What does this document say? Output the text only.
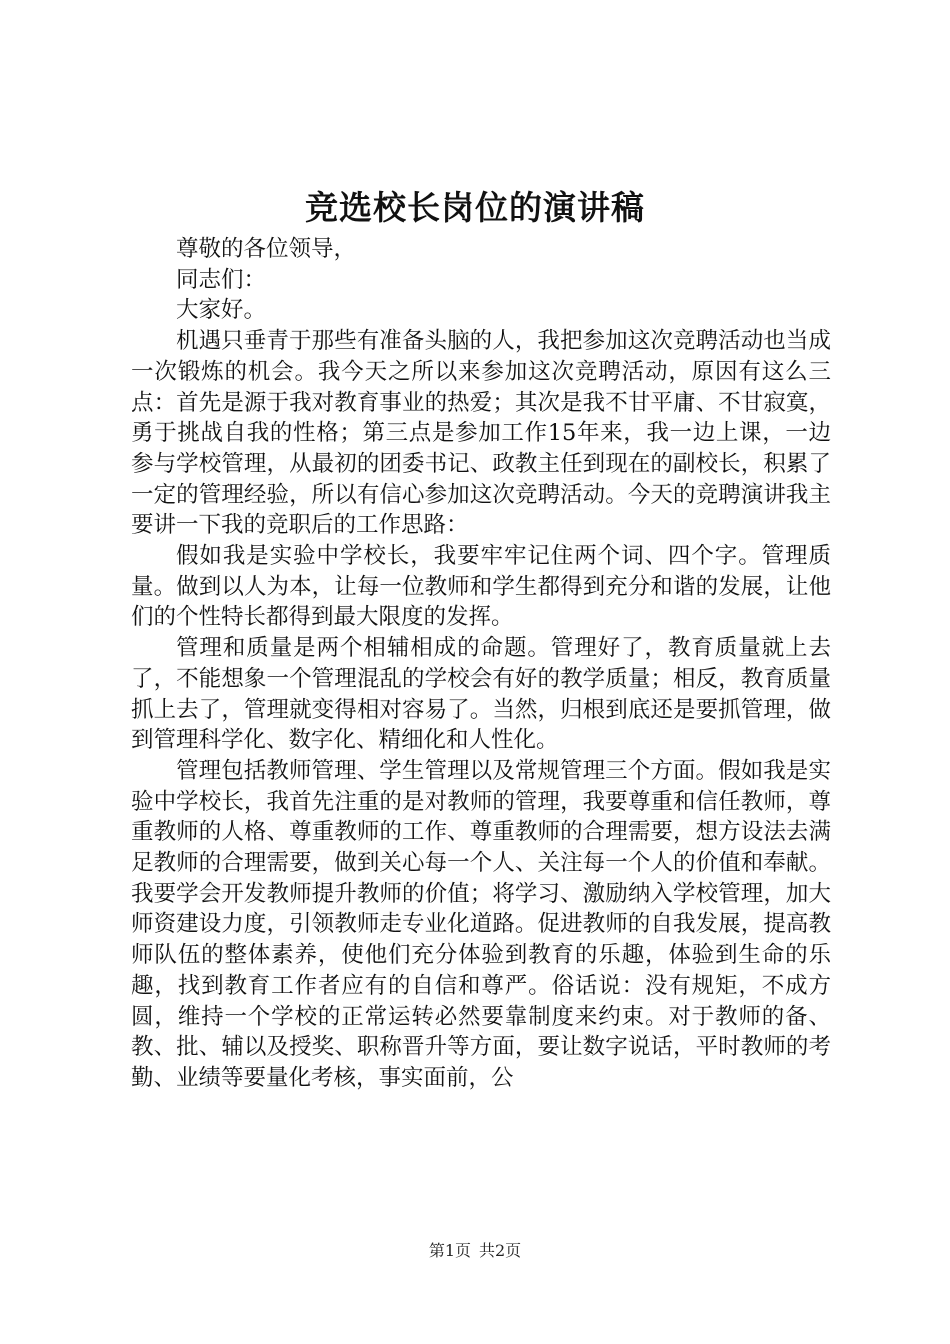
竞选校长岗位的演讲稿

尊敬的各位领导，

同志们：

大家好。

机遇只垂青于那些有准备头脑的人，我把参加这次竞聘活动也当成一次锻炼的机会。我今天之所以来参加这次竞聘活动，原因有这么三点：首先是源于我对教育事业的热爱；其次是我不甘平庸、不甘寂寞，勇于挑战自我的性格；第三点是参加工作15年来，我一边上课，一边参与学校管理，从最初的团委书记、政教主任到现在的副校长，积累了一定的管理经验，所以有信心参加这次竞聘活动。今天的竞聘演讲我主要讲一下我的竞职后的工作思路：

假如我是实验中学校长，我要牢牢记住两个词、四个字。管理质量。做到以人为本，让每一位教师和学生都得到充分和谐的发展，让他们的个性特长都得到最大限度的发挥。

管理和质量是两个相辅相成的命题。管理好了，教育质量就上去了，不能想象一个管理混乱的学校会有好的教学质量；相反，教育质量抓上去了，管理就变得相对容易了。当然，归根到底还是要抓管理，做到管理科学化、数字化、精细化和人性化。

管理包括教师管理、学生管理以及常规管理三个方面。假如我是实验中学校长，我首先注重的是对教师的管理，我要尊重和信任教师，尊重教师的人格、尊重教师的工作、尊重教师的合理需要，想方设法去满足教师的合理需要，做到关心每一个人、关注每一个人的价值和奉献。我要学会开发教师提升教师的价值；将学习、激励纳入学校管理，加大师资建设力度，引领教师走专业化道路。促进教师的自我发展，提高教师队伍的整体素养，使他们充分体验到教育的乐趣，体验到生命的乐趣，找到教育工作者应有的自信和尊严。俗话说：没有规矩，不成方圆，维持一个学校的正常运转必然要靠制度来约束。对于教师的备、教、批、辅以及授奖、职称晋升等方面，要让数字说话，平时教师的考勤、业绩等要量化考核，事实面前，公

第1页 共2页
